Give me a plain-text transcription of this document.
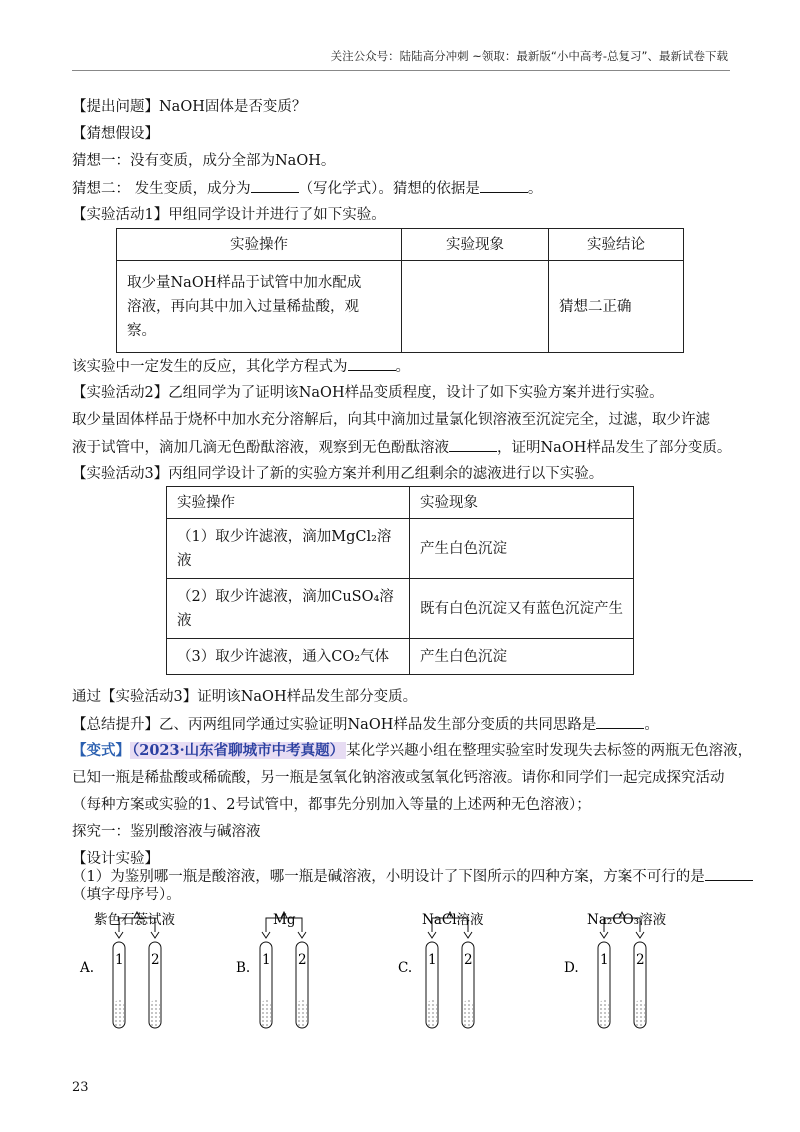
关注公众号：陆陆高分冲刺 ~领取：最新版“小中高考-总复习”、最新试卷下载
【提出问题】NaOH固体是否变质？
【猜想假设】
猜想一：没有变质，成分全部为NaOH。
猜想二： 发生变质，成分为	（写化学式）。猜想的依据是	。
【实验活动1】甲组同学设计并进行了如下实验。
实验操作	实验现象	实验结论

取少量NaOH样品于试管中加水配成
溶液，再向其中加入过量稀盐酸，观
察。		猜想二正确
该实验中一定发生的反应，其化学方程式为	。
【实验活动2】乙组同学为了证明该NaOH样品变质程度，设计了如下实验方案并进行实验。
取少量固体样品于烧杯中加水充分溶解后，向其中滴加过量氯化钡溶液至沉淀完全，过滤，取少许滤
液于试管中，滴加几滴无色酚酞溶液，观察到无色酚酞溶液	，证明NaOH样品发生了部分变质。
【实验活动3】丙组同学设计了新的实验方案并利用乙组剩余的滤液进行以下实验。
实验操作	实验现象

（1）取少许滤液，滴加MgCl₂溶
液	产生白色沉淀

（2）取少许滤液，滴加CuSO₄溶
液	既有白色沉淀又有蓝色沉淀产生

（3）取少许滤液，通入CO₂气体	产生白色沉淀
通过【实验活动3】证明该NaOH样品发生部分变质。
【总结提升】乙、丙两组同学通过实验证明NaOH样品发生部分变质的共同思路是	。
【变式】 （2023·山东省聊城市中考真题） 某化学兴趣小组在整理实验室时发现失去标签的两瓶无色溶液，
已知一瓶是稀盐酸或稀硫酸，另一瓶是氢氧化钠溶液或氢氧化钙溶液。请你和同学们一起完成探究活动
（每种方案或实验的1、2号试管中，都事先分别加入等量的上述两种无色溶液）；
探究一：鉴别酸溶液与碱溶液
【设计实验】
（1）为鉴别哪一瓶是酸溶液，哪一瓶是碱溶液，小明设计了下图所示的四种方案，方案不可行的是
（填字母序号）。
A.
紫色石蕊试液
1 2	B.
Mg
1 2	C.
NaCl溶液
1 2	D.
Na₂CO₃溶液
1 2
23
